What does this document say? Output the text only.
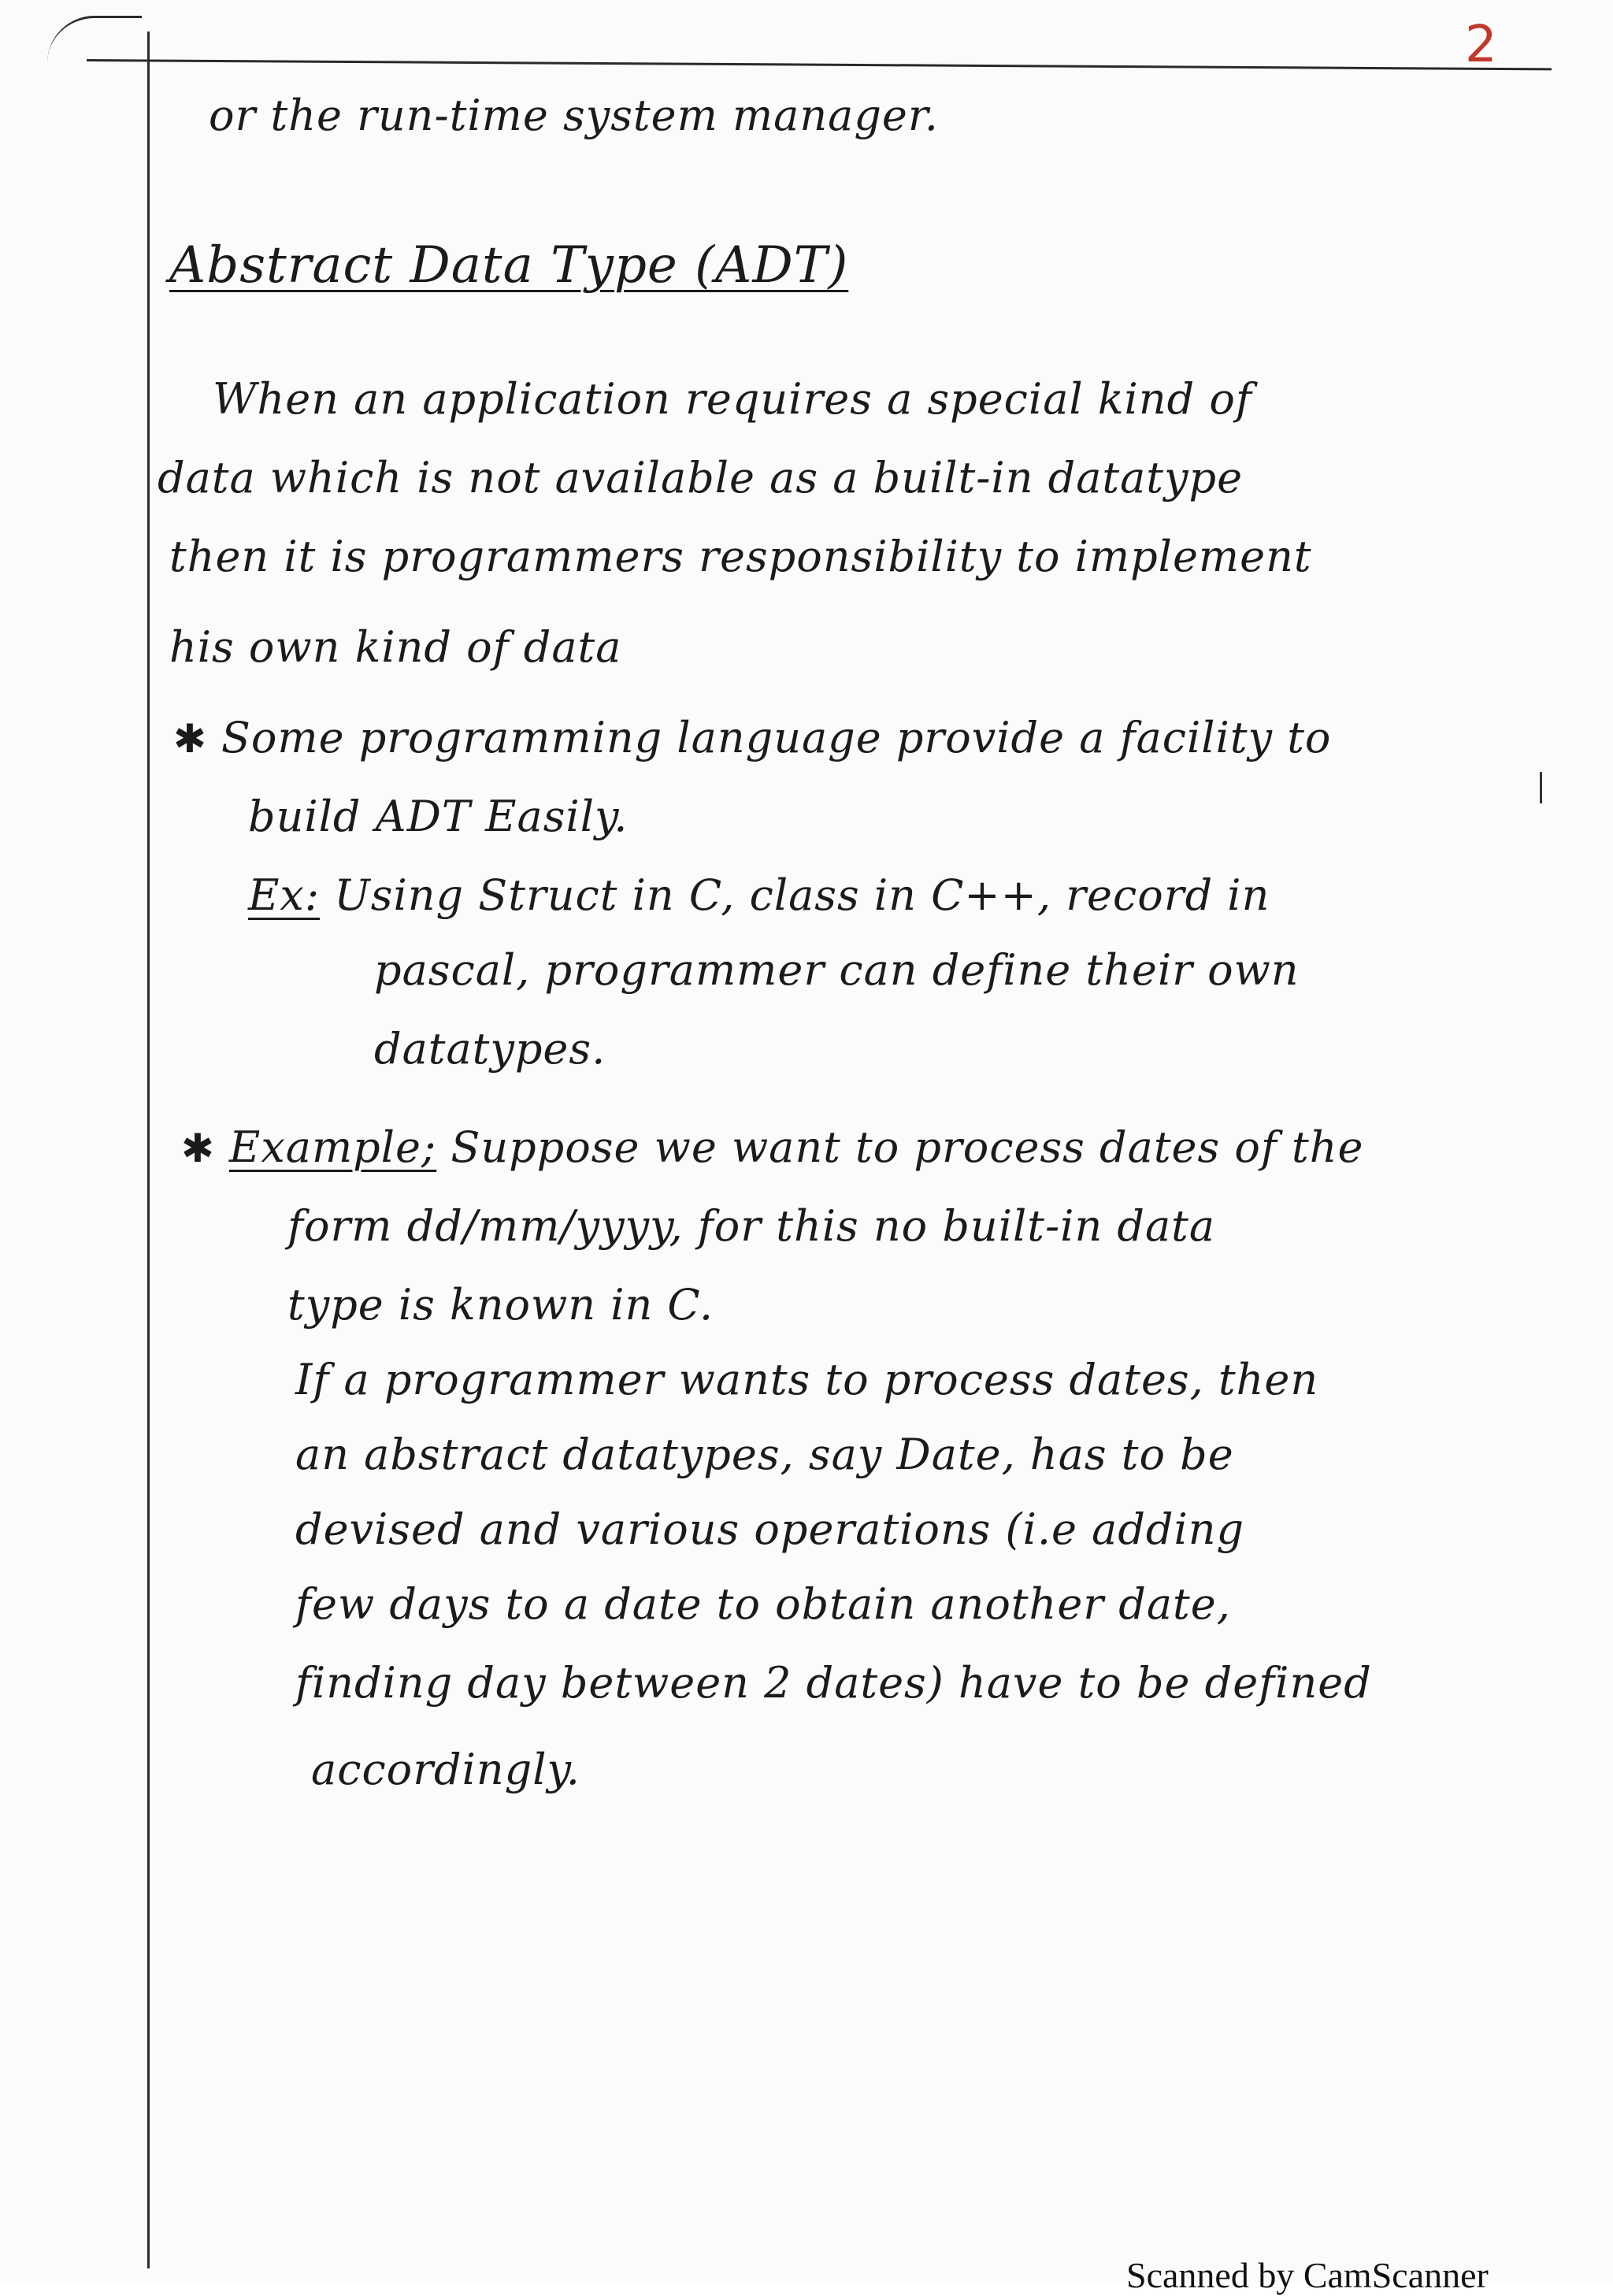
2
or the run-time system manager.
Abstract Data Type (ADT)
When an application requires a special kind of
data which is not available as a built-in datatype
then it is programmers responsibility to implement
his own kind of data
✱ Some programming language provide a facility to
build ADT Easily.
Ex: Using Struct in C, class in C++, record in
pascal, programmer can define their own
datatypes.
✱ Example; Suppose we want to process dates of the
form dd/mm/yyyy, for this no built-in data
type is known in C.
If a programmer wants to process dates, then
an abstract datatypes, say Date, has to be
devised and various operations (i.e adding
few days to a date to obtain another date,
finding day between 2 dates) have to be defined
accordingly.
Scanned by CamScanner
